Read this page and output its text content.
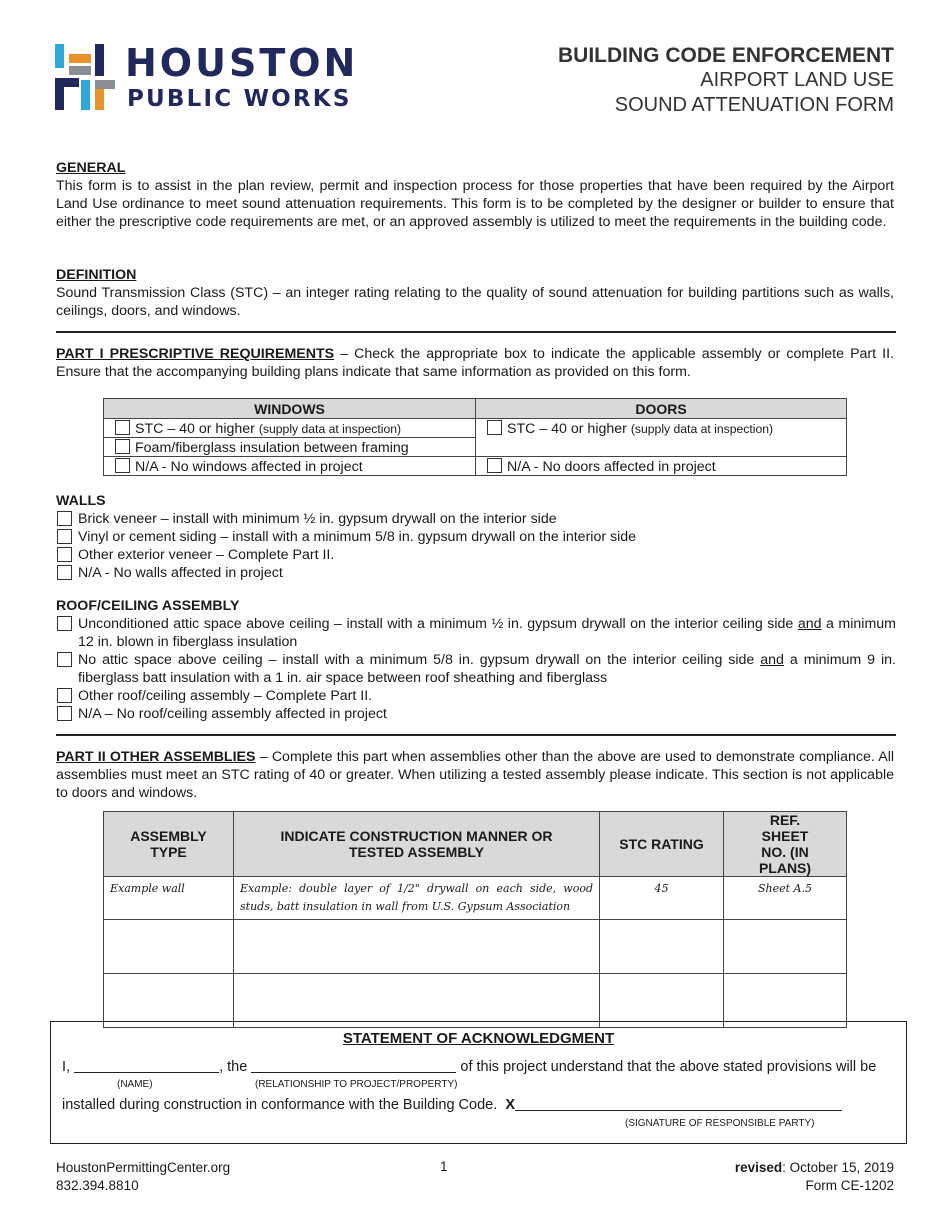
HOUSTON
PUBLIC WORKS
BUILDING CODE ENFORCEMENT
AIRPORT LAND USE
SOUND ATTENUATION FORM
GENERAL
This form is to assist in the plan review, permit and inspection process for those properties that have been required by the Airport Land Use ordinance to meet sound attenuation requirements. This form is to be completed by the designer or builder to ensure that either the prescriptive code requirements are met, or an approved assembly is utilized to meet the requirements in the building code.
DEFINITION
Sound Transmission Class (STC) – an integer rating relating to the quality of sound attenuation for building partitions such as walls, ceilings, doors, and windows.
PART I PRESCRIPTIVE REQUIREMENTS – Check the appropriate box to indicate the applicable assembly or complete Part II. Ensure that the accompanying building plans indicate that same information as provided on this form.
WINDOWS	DOORS
STC – 40 or higher (supply data at inspection)	STC – 40 or higher (supply data at inspection)
Foam/fiberglass insulation between framing	
N/A - No windows affected in project	N/A - No doors affected in project
WALLS
Brick veneer – install with minimum ½ in. gypsum drywall on the interior side
Vinyl or cement siding – install with a minimum 5/8 in. gypsum drywall on the interior side
Other exterior veneer – Complete Part II.
N/A - No walls affected in project
ROOF/CEILING ASSEMBLY
Unconditioned attic space above ceiling – install with a minimum ½ in. gypsum drywall on the interior ceiling side and a minimum 12 in. blown in fiberglass insulation
No attic space above ceiling – install with a minimum 5/8 in. gypsum drywall on the interior ceiling side and a minimum 9 in. fiberglass batt insulation with a 1 in. air space between roof sheathing and fiberglass
Other roof/ceiling assembly – Complete Part II.
N/A – No roof/ceiling assembly affected in project
PART II OTHER ASSEMBLIES – Complete this part when assemblies other than the above are used to demonstrate compliance. All assemblies must meet an STC rating of 40 or greater. When utilizing a tested assembly please indicate. This section is not applicable to doors and windows.
ASSEMBLY TYPE	INDICATE CONSTRUCTION MANNER OR TESTED ASSEMBLY	STC RATING	REF. SHEET NO. (IN PLANS)

Example wall	Example: double layer of 1/2" drywall on each side, wood studs, batt insulation in wall from U.S. Gypsum Association	45	Sheet A.5

STATEMENT OF ACKNOWLEDGMENT
I,	, the	of this project understand that the above stated provisions will be
(NAME)	(RELATIONSHIP TO PROJECT/PROPERTY)
installed during construction in conformance with the Building Code. X
(SIGNATURE OF RESPONSIBLE PARTY)
HoustonPermittingCenter.org
832.394.8810
1	revised: October 15, 2019
Form CE-1202
